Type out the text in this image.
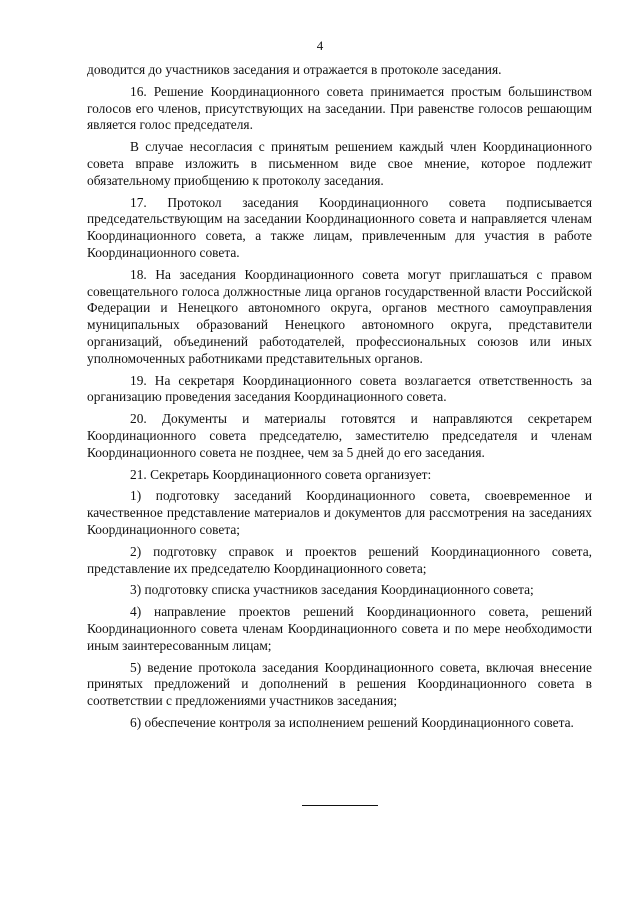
4

доводится до участников заседания и отражается в протоколе заседания.

16. Решение Координационного совета принимается простым большинством голосов его членов, присутствующих на заседании. При равенстве голосов решающим является голос председателя.

В случае несогласия с принятым решением каждый член Координационного совета вправе изложить в письменном виде свое мнение, которое подлежит обязательному приобщению к протоколу заседания.

17. Протокол заседания Координационного совета подписывается председательствующим на заседании Координационного совета и направляется членам Координационного совета, а также лицам, привлеченным для участия в работе Координационного совета.

18. На заседания Координационного совета могут приглашаться с правом совещательного голоса должностные лица органов государственной власти Российской Федерации и Ненецкого автономного округа, органов местного самоуправления муниципальных образований Ненецкого автономного округа, представители организаций, объединений работодателей, профессиональных союзов или иных уполномоченных работниками представительных органов.

19. На секретаря Координационного совета возлагается ответственность за организацию проведения заседания Координационного совета.

20. Документы и материалы готовятся и направляются секретарем Координационного совета председателю, заместителю председателя и членам Координационного совета не позднее, чем за 5 дней до его заседания.

21. Секретарь Координационного совета организует:

1) подготовку заседаний Координационного совета, своевременное и качественное представление материалов и документов для рассмотрения на заседаниях Координационного совета;

2) подготовку справок и проектов решений Координационного совета, представление их председателю Координационного совета;

3) подготовку списка участников заседания Координационного совета;

4) направление проектов решений Координационного совета, решений Координационного совета членам Координационного совета и по мере необходимости иным заинтересованным лицам;

5) ведение протокола заседания Координационного совета, включая внесение принятых предложений и дополнений в решения Координационного совета в соответствии с предложениями участников заседания;

6) обеспечение контроля за исполнением решений Координационного совета.
